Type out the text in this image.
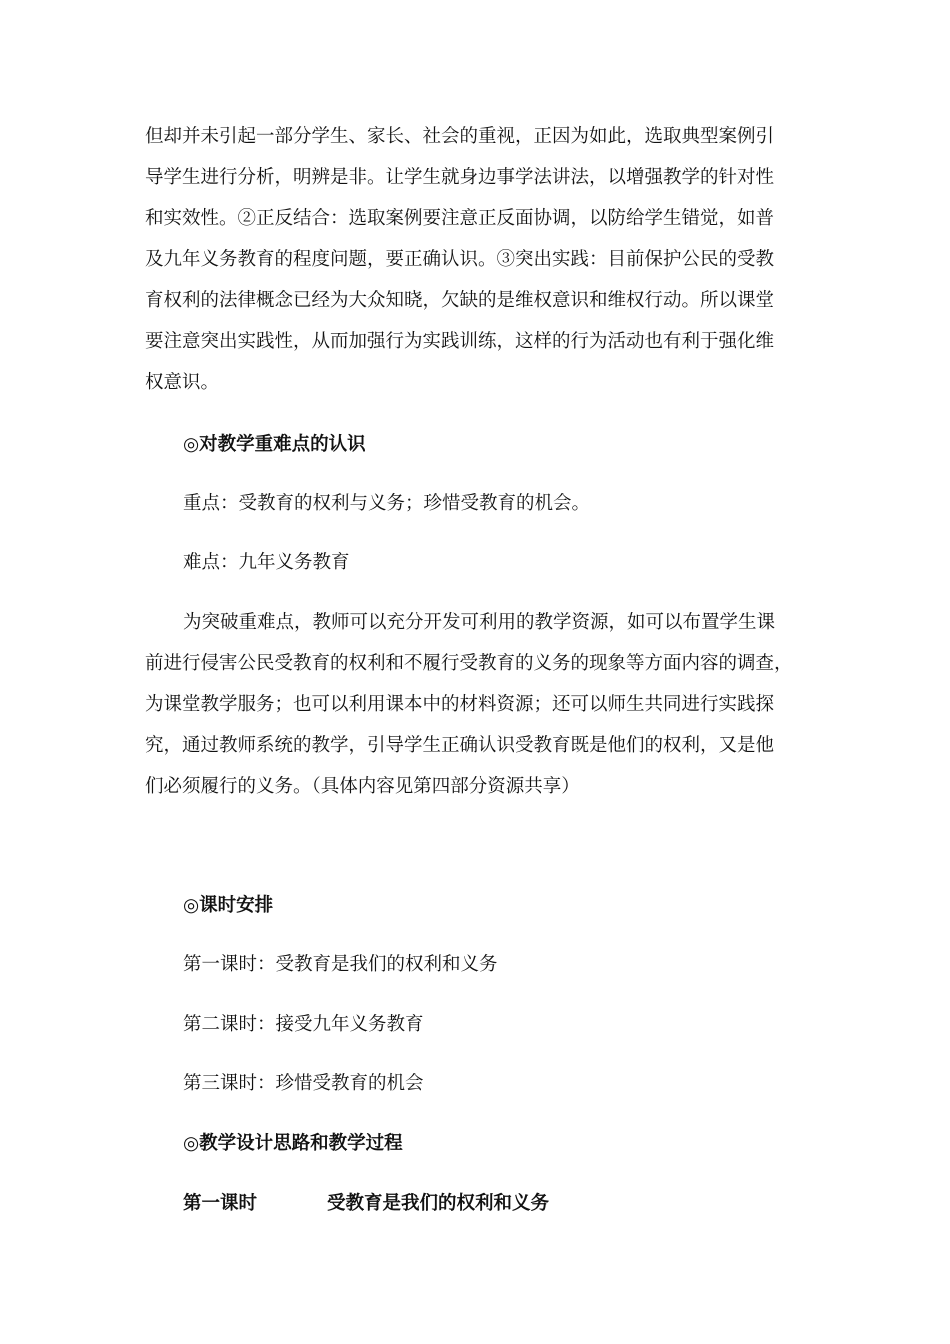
但却并未引起一部分学生、家长、社会的重视，正因为如此，选取典型案例引
导学生进行分析，明辨是非。让学生就身边事学法讲法，以增强教学的针对性
和实效性。②正反结合：选取案例要注意正反面协调，以防给学生错觉，如普
及九年义务教育的程度问题，要正确认识。③突出实践：目前保护公民的受教
育权利的法律概念已经为大众知晓，欠缺的是维权意识和维权行动。所以课堂
要注意突出实践性，从而加强行为实践训练，这样的行为活动也有利于强化维
权意识。
◎对教学重难点的认识
重点：受教育的权利与义务；珍惜受教育的机会。
难点：九年义务教育
为突破重难点，教师可以充分开发可利用的教学资源，如可以布置学生课
前进行侵害公民受教育的权利和不履行受教育的义务的现象等方面内容的调查，
为课堂教学服务；也可以利用课本中的材料资源；还可以师生共同进行实践探
究，通过教师系统的教学，引导学生正确认识受教育既是他们的权利，又是他
们必须履行的义务。（具体内容见第四部分资源共享）
◎课时安排
第一课时：受教育是我们的权利和义务
第二课时：接受九年义务教育
第三课时：珍惜受教育的机会
◎教学设计思路和教学过程
第一课时	受教育是我们的权利和义务
